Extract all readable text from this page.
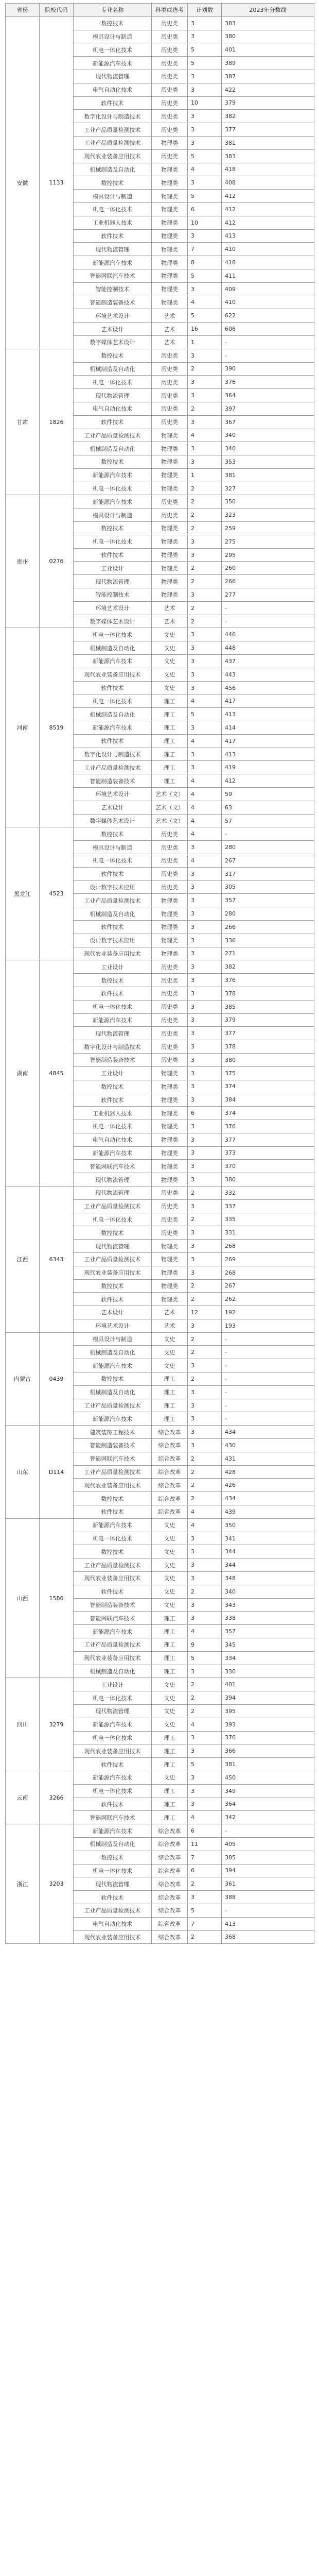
省份	院校代码	专业名称	科类或选考	计划数	2023年分数线
安徽	1133	数控技术	历史类	3	383
		模具设计与制造	历史类	3	380
		机电一体化技术	历史类	5	401
		新能源汽车技术	历史类	5	389
		现代物流管理	历史类	3	387
		电气自动化技术	历史类	3	422
		软件技术	历史类	10	379
		数字化设计与制造技术	历史类	3	382
		工业产品质量检测技术	历史类	3	377
		工业产品质量检测技术	物理类	3	381
		现代农业装备应用技术	历史类	5	383
		机械制造及自动化	物理类	4	418
		数控技术	物理类	3	408
		模具设计与制造	物理类	5	412
		机电一体化技术	物理类	6	412
		工业机器人技术	物理类	10	412
		软件技术	物理类	3	413
		现代物流管理	物理类	7	410
		新能源汽车技术	物理类	8	418
		智能网联汽车技术	物理类	5	411
		智能控制技术	物理类	3	409
		智能制造装备技术	物理类	4	410
		环境艺术设计	艺术	5	622
		艺术设计	艺术	16	606
		数字媒体艺术设计	艺术	1	-
甘肃	1826	数控技术	历史类	3	-
		机械制造及自动化	历史类	2	390
		机电一体化技术	历史类	3	376
		现代物流管理	历史类	3	364
		电气自动化技术	历史类	2	397
		软件技术	历史类	3	367
		工业产品质量检测技术	物理类	4	340
		机械制造及自动化	物理类	3	340
		数控技术	物理类	3	353
		新能源汽车技术	物理类	1	381
		机电一体化技术	物理类	2	327
贵州	0276	新能源汽车技术	历史类	2	350
		模具设计与制造	历史类	2	323
		数控技术	物理类	2	259
		机电一体化技术	物理类	3	275
		软件技术	物理类	3	295
		工业设计	物理类	2	260
		现代物流管理	物理类	2	266
		智能控制技术	物理类	3	277
		环境艺术设计	艺术	2	-
		数字媒体艺术设计	艺术	2	-
河南	8519	机电一体化技术	文史	3	446
		机械制造及自动化	文史	3	448
		新能源汽车技术	文史	3	437
		现代农业装备应用技术	文史	3	443
		软件技术	文史	3	456
		机电一体化技术	理工	4	417
		机械制造及自动化	理工	5	413
		新能源汽车技术	理工	3	414
		软件技术	理工	4	417
		数字化设计与制造技术	理工	3	413
		工业产品质量检测技术	理工	3	419
		智能制造装备技术	理工	4	412
		环境艺术设计	艺术（文）	4	59
		艺术设计	艺术（文）	4	63
		数字媒体艺术设计	艺术（文）	4	57
黑龙江	4523	数控技术	历史类	4	-
		模具设计与制造	历史类	3	280
		机电一体化技术	历史类	4	267
		软件技术	历史类	3	317
		设计数字技术应用	历史类	3	305
		工业产品质量检测技术	物理类	3	357
		机械制造及自动化	物理类	3	280
		软件技术	物理类	3	266
		设计数字技术应用	物理类	3	336
		现代农业装备应用技术	物理类	3	271
湖南	4845	工业设计	历史类	3	382
		数控技术	历史类	3	376
		软件技术	历史类	3	378
		机电一体化技术	历史类	3	385
		新能源汽车技术	历史类	3	379
		现代物流管理	历史类	3	377
		数字化设计与制造技术	历史类	3	378
		智能制造装备技术	历史类	3	380
		工业设计	物理类	3	375
		数控技术	物理类	3	374
		软件技术	物理类	3	384
		工业机器人技术	物理类	6	374
		机电一体化技术	物理类	3	376
		电气自动化技术	物理类	3	377
		新能源汽车技术	物理类	3	373
		智能网联汽车技术	物理类	3	370
		现代物流管理	物理类	3	380
江西	6343	现代物流管理	历史类	2	332
		工业产品质量检测技术	历史类	3	337
		机电一体化技术	历史类	2	335
		数控技术	历史类	3	331
		现代物流管理	物理类	3	268
		工业产品质量检测技术	物理类	3	269
		现代农业装备应用技术	物理类	3	268
		数控技术	物理类	2	267
		软件技术	物理类	2	262
		艺术设计	艺术	12	192
		环境艺术设计	艺术	3	193
内蒙古	0439	模具设计与制造	文史	2	-
		机械制造及自动化	文史	2	-
		新能源汽车技术	文史	3	-
		数控技术	理工	2	-
		机械制造及自动化	理工	3	-
		工业产品质量检测技术	理工	3	-
		新能源汽车技术	理工	3	-
山东	D114	建筑装饰工程技术	综合改革	3	434
		智能制造装备技术	综合改革	3	430
		智能网联汽车技术	综合改革	2	431
		工业产品质量检测技术	综合改革	2	428
		现代农业装备应用技术	综合改革	2	426
		数控技术	综合改革	2	434
		软件技术	综合改革	4	439
山西	1586	新能源汽车技术	文史	4	350
		机电一体化技术	文史	3	341
		数控技术	文史	3	344
		工业产品质量检测技术	文史	3	344
		现代农业装备应用技术	文史	3	348
		软件技术	文史	2	340
		智能制造装备技术	文史	3	343
		智能网联汽车技术	理工	3	338
		新能源汽车技术	理工	4	357
		工业产品质量检测技术	理工	9	345
		现代农业装备应用技术	理工	5	334
		机械制造及自动化	理工	3	330
四川	3279	工业设计	文史	2	401
		机电一体化技术	文史	2	394
		现代物流管理	文史	2	395
		新能源汽车技术	文史	4	393
		机电一体化技术	理工	3	376
		现代农业装备应用技术	理工	3	366
		软件技术	理工	5	381
云南	3266	新能源汽车技术	文史	3	450
		机电一体化技术	理工	3	349
		软件技术	理工	3	364
		智能网联汽车技术	理工	4	342
浙江	3203	新能源汽车技术	综合改革	6	-
		机械制造及自动化	综合改革	11	405
		数控技术	综合改革	7	385
		机电一体化技术	综合改革	6	394
		现代物流管理	综合改革	2	361
		软件技术	综合改革	3	388
		工业产品质量检测技术	综合改革	5	-
		电气自动化技术	综合改革	7	413
		现代农业装备应用技术	综合改革	2	368
